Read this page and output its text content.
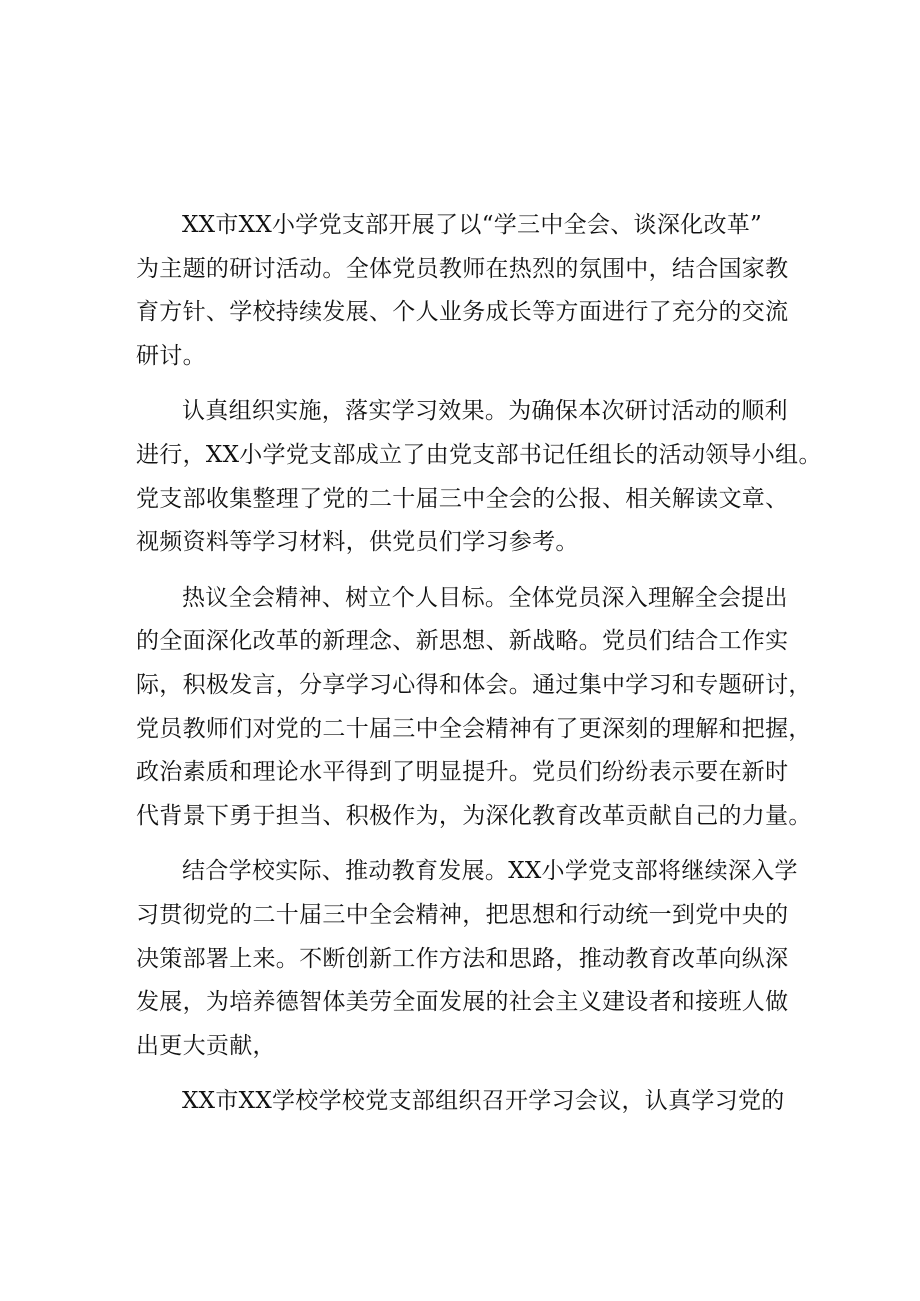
XX市XX小学党支部开展了以“学三中全会、谈深化改革”
为主题的研讨活动。全体党员教师在热烈的氛围中，结合国家教
育方针、学校持续发展、个人业务成长等方面进行了充分的交流
研讨。

认真组织实施，落实学习效果。为确保本次研讨活动的顺利
进行，XX小学党支部成立了由党支部书记任组长的活动领导小组。
党支部收集整理了党的二十届三中全会的公报、相关解读文章、
视频资料等学习材料，供党员们学习参考。

热议全会精神、树立个人目标。全体党员深入理解全会提出
的全面深化改革的新理念、新思想、新战略。党员们结合工作实
际，积极发言，分享学习心得和体会。通过集中学习和专题研讨，
党员教师们对党的二十届三中全会精神有了更深刻的理解和把握，
政治素质和理论水平得到了明显提升。党员们纷纷表示要在新时
代背景下勇于担当、积极作为，为深化教育改革贡献自己的力量。

结合学校实际、推动教育发展。XX小学党支部将继续深入学
习贯彻党的二十届三中全会精神，把思想和行动统一到党中央的
决策部署上来。不断创新工作方法和思路，推动教育改革向纵深
发展，为培养德智体美劳全面发展的社会主义建设者和接班人做
出更大贡献，

XX市XX学校学校党支部组织召开学习会议，认真学习党的
